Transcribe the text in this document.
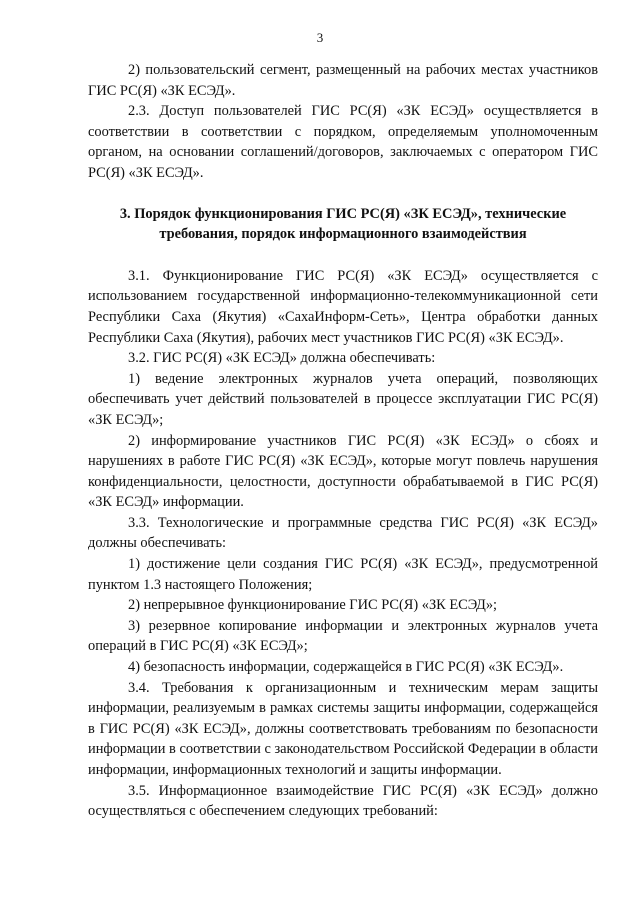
3

2) пользовательский сегмент, размещенный на рабочих местах участников ГИС РС(Я) «ЗК ЕСЭД».

2.3. Доступ пользователей ГИС РС(Я) «ЗК ЕСЭД» осуществляется в соответствии в соответствии с порядком, определяемым уполномоченным органом, на основании соглашений/договоров, заключаемых с оператором ГИС РС(Я) «ЗК ЕСЭД».

3. Порядок функционирования ГИС РС(Я) «ЗК ЕСЭД», технические требования, порядок информационного взаимодействия

3.1. Функционирование ГИС РС(Я) «ЗК ЕСЭД» осуществляется с использованием государственной информационно-телекоммуникационной сети Республики Саха (Якутия) «СахаИнформ-Сеть», Центра обработки данных Республики Саха (Якутия), рабочих мест участников ГИС РС(Я) «ЗК ЕСЭД».

3.2. ГИС РС(Я) «ЗК ЕСЭД» должна обеспечивать:

1) ведение электронных журналов учета операций, позволяющих обеспечивать учет действий пользователей в процессе эксплуатации ГИС РС(Я) «ЗК ЕСЭД»;

2) информирование участников ГИС РС(Я) «ЗК ЕСЭД» о сбоях и нарушениях в работе ГИС РС(Я) «ЗК ЕСЭД», которые могут повлечь нарушения конфиденциальности, целостности, доступности обрабатываемой в ГИС РС(Я) «ЗК ЕСЭД» информации.

3.3. Технологические и программные средства ГИС РС(Я) «ЗК ЕСЭД» должны обеспечивать:

1) достижение цели создания ГИС РС(Я) «ЗК ЕСЭД», предусмотренной пунктом 1.3 настоящего Положения;

2) непрерывное функционирование ГИС РС(Я) «ЗК ЕСЭД»;

3) резервное копирование информации и электронных журналов учета операций в ГИС РС(Я) «ЗК ЕСЭД»;

4) безопасность информации, содержащейся в ГИС РС(Я) «ЗК ЕСЭД».

3.4. Требования к организационным и техническим мерам защиты информации, реализуемым в рамках системы защиты информации, содержащейся в ГИС РС(Я) «ЗК ЕСЭД», должны соответствовать требованиям по безопасности информации в соответствии с законодательством Российской Федерации в области информации, информационных технологий и защиты информации.

3.5. Информационное взаимодействие ГИС РС(Я) «ЗК ЕСЭД» должно осуществляться с обеспечением следующих требований:
